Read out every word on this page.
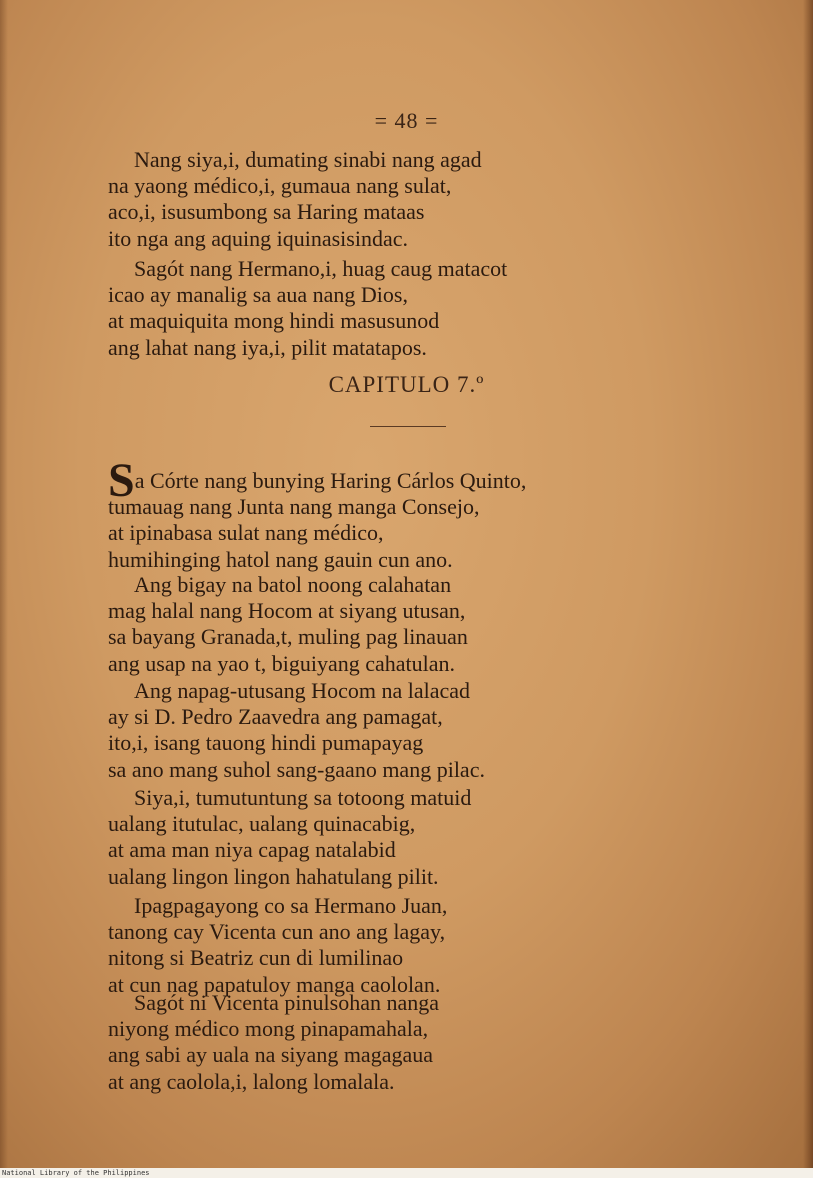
= 48 =
Nang siya,i, dumating sinabi nang agad
na yaong médico,i, gumaua nang sulat,
aco,i, isusumbong sa Haring mataas
ito nga ang aquing iquinasisindac.
Sagót nang Hermano,i, huag caug matacot
icao ay manalig sa aua nang Dios,
at maquiquita mong hindi masusunod
ang lahat nang iya,i, pilit matatapos.
CAPITULO 7.º
Sa Córte nang bunying Haring Cárlos Quinto,
tumauag nang Junta nang manga Consejo,
at ipinabasa sulat nang médico,
humihinging hatol nang gauin cun ano.
Ang bigay na batol noong calahatan
mag halal nang Hocom at siyang utusan,
sa bayang Granada,t, muling pag linauan
ang usap na yao t, biguiyang cahatulan.
Ang napag-utusang Hocom na lalacad
ay si D. Pedro Zaavedra ang pamagat,
ito,i, isang tauong hindi pumapayag
sa ano mang suhol sang-gaano mang pilac.
Siya,i, tumutuntung sa totoong matuid
ualang itutulac, ualang quinacabig,
at ama man niya capag natalabid
ualang lingon lingon hahatulang pilit.
Ipagpagayong co sa Hermano Juan,
tanong cay Vicenta cun ano ang lagay,
nitong si Beatriz cun di lumilinao
at cun nag papatuloy manga caololan.
Sagót ni Vicenta pinulsohan nanga
niyong médico mong pinapamahala,
ang sabi ay uala na siyang magagaua
at ang caolola,i, lalong lomalala.
National Library of the Philippines
